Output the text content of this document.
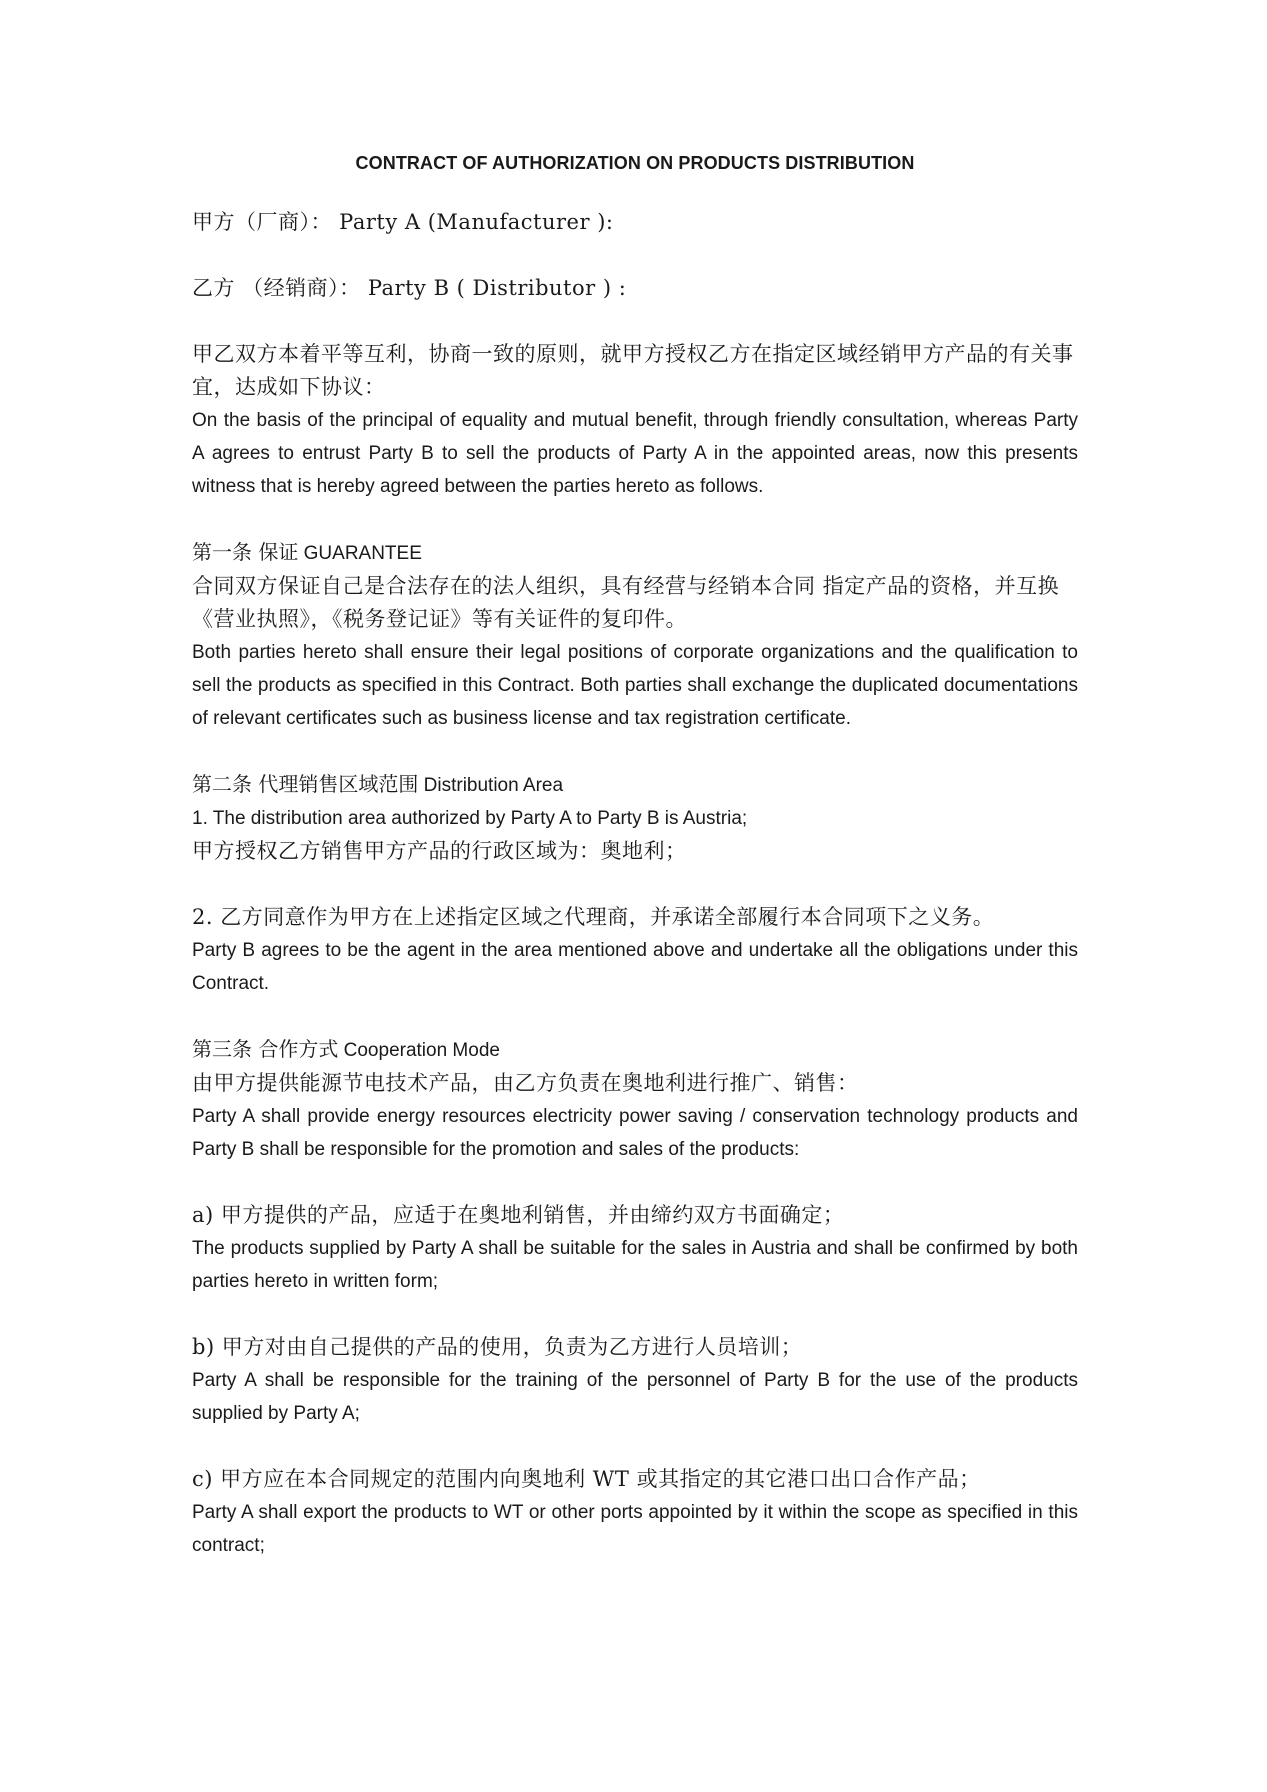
CONTRACT OF AUTHORIZATION ON PRODUCTS DISTRIBUTION

甲方（厂商）： Party A (Manufacturer ):

乙方 （经销商）： Party B ( Distributor ) :

甲乙双方本着平等互利，协商一致的原则，就甲方授权乙方在指定区域经销甲方产品的有关事宜，达成如下协议：

On the basis of the principal of equality and mutual benefit, through friendly consultation, whereas Party A agrees to entrust Party B to sell the products of Party A in the appointed areas, now this presents witness that is hereby agreed between the parties hereto as follows.

第一条 保证 GUARANTEE

合同双方保证自己是合法存在的法人组织，具有经营与经销本合同 指定产品的资格，并互换《营业执照》，《税务登记证》等有关证件的复印件。

Both parties hereto shall ensure their legal positions of corporate organizations and the qualification to sell the products as specified in this Contract. Both parties shall exchange the duplicated documentations of relevant certificates such as business license and tax registration certificate.

第二条 代理销售区域范围 Distribution Area

1. The distribution area authorized by Party A to Party B is Austria;

甲方授权乙方销售甲方产品的行政区域为：奥地利；

2. 乙方同意作为甲方在上述指定区域之代理商，并承诺全部履行本合同项下之义务。

Party B agrees to be the agent in the area mentioned above and undertake all the obligations under this Contract.

第三条 合作方式 Cooperation Mode

由甲方提供能源节电技术产品，由乙方负责在奥地利进行推广、销售：

Party A shall provide energy resources electricity power saving / conservation technology products and Party B shall be responsible for the promotion and sales of the products:

a) 甲方提供的产品，应适于在奥地利销售，并由缔约双方书面确定；

The products supplied by Party A shall be suitable for the sales in Austria and shall be confirmed by both parties hereto in written form;

b) 甲方对由自己提供的产品的使用，负责为乙方进行人员培训；

Party A shall be responsible for the training of the personnel of Party B for the use of the products supplied by Party A;

c) 甲方应在本合同规定的范围内向奥地利 WT 或其指定的其它港口出口合作产品；

Party A shall export the products to WT or other ports appointed by it within the scope as specified in this contract;
